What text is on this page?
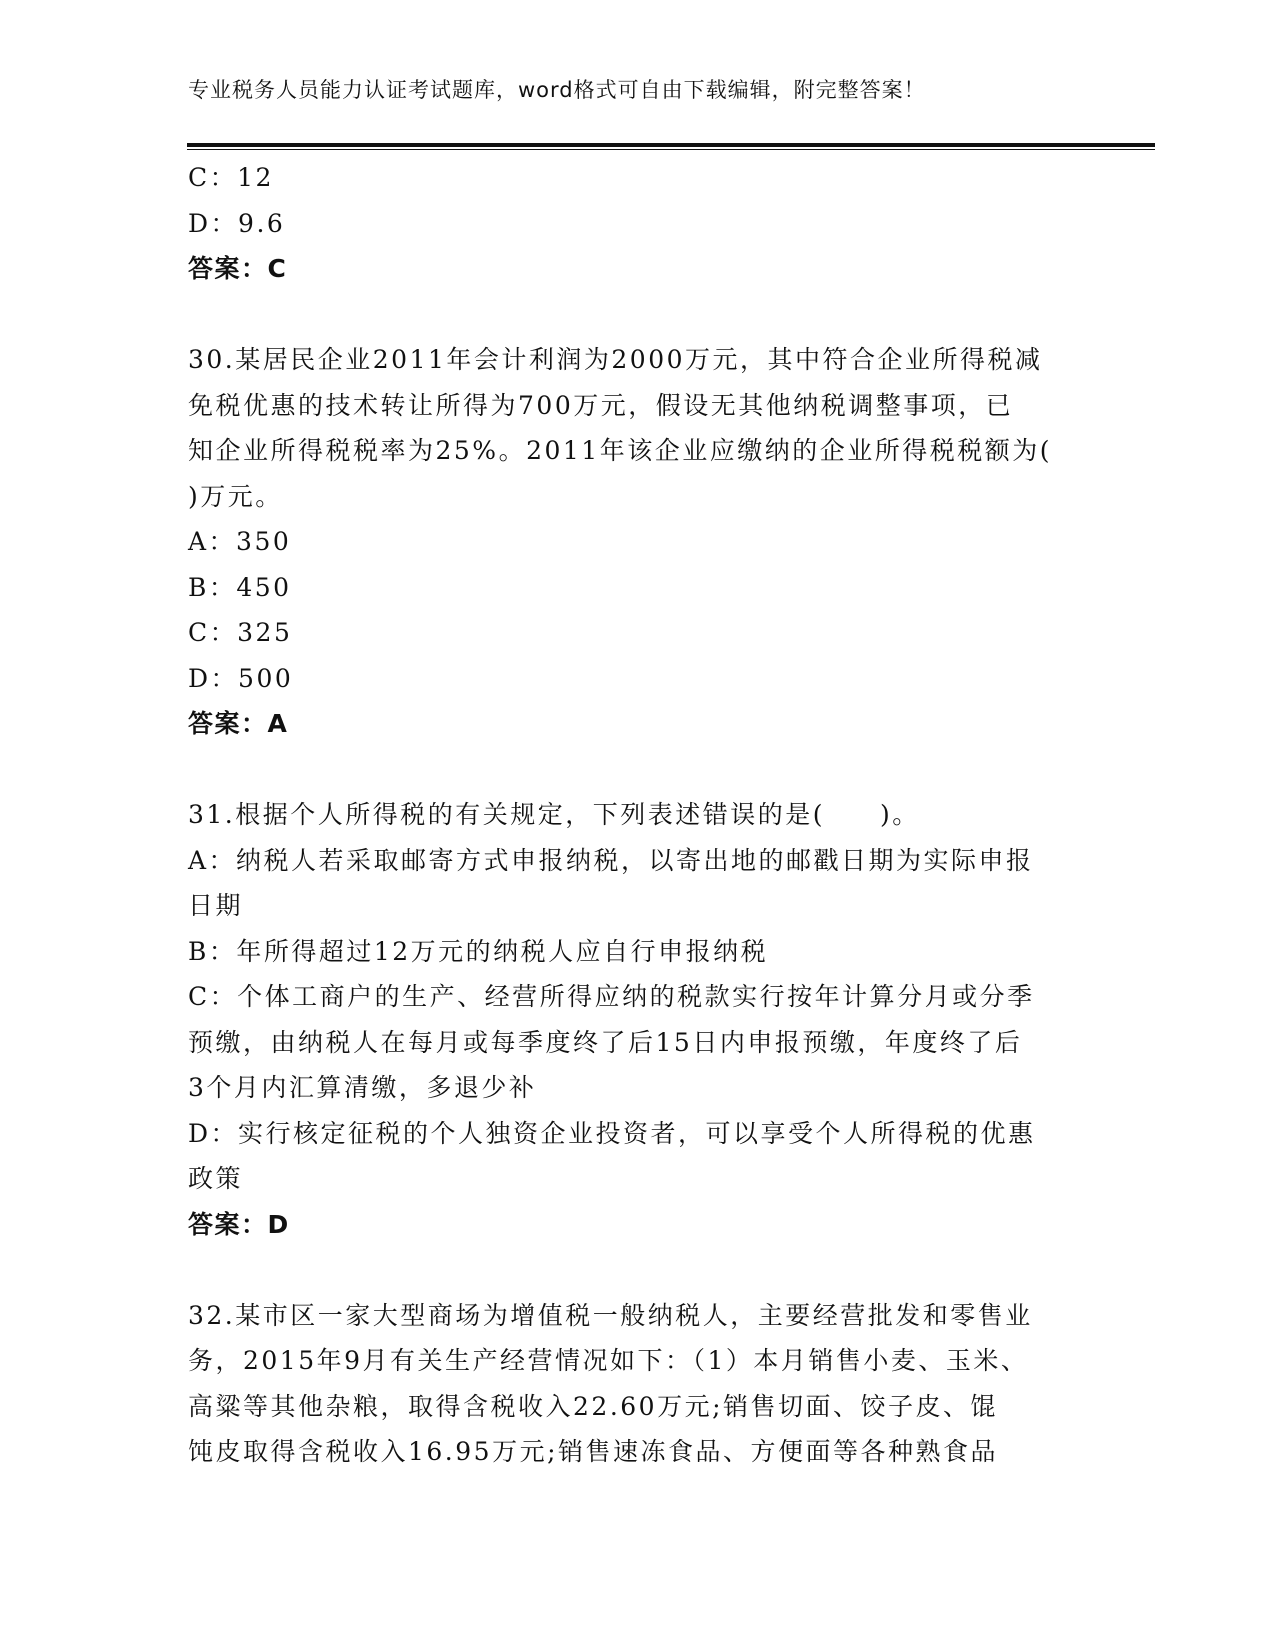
专业税务人员能力认证考试题库，word格式可自由下载编辑，附完整答案！

C：12

D：9.6

答案：C

30.某居民企业2011年会计利润为2000万元，其中符合企业所得税减

免税优惠的技术转让所得为700万元，假设无其他纳税调整事项，已

知企业所得税税率为25%。2011年该企业应缴纳的企业所得税税额为(

)万元。

A：350

B：450

C：325

D：500

答案：A

31.根据个人所得税的有关规定，下列表述错误的是(　　)。

A：纳税人若采取邮寄方式申报纳税，以寄出地的邮戳日期为实际申报

日期

B：年所得超过12万元的纳税人应自行申报纳税

C：个体工商户的生产、经营所得应纳的税款实行按年计算分月或分季

预缴，由纳税人在每月或每季度终了后15日内申报预缴，年度终了后

3个月内汇算清缴，多退少补

D：实行核定征税的个人独资企业投资者，可以享受个人所得税的优惠

政策

答案：D

32.某市区一家大型商场为增值税一般纳税人，主要经营批发和零售业

务，2015年9月有关生产经营情况如下：（1）本月销售小麦、玉米、

高粱等其他杂粮，取得含税收入22.60万元;销售切面、饺子皮、馄

饨皮取得含税收入16.95万元;销售速冻食品、方便面等各种熟食品
